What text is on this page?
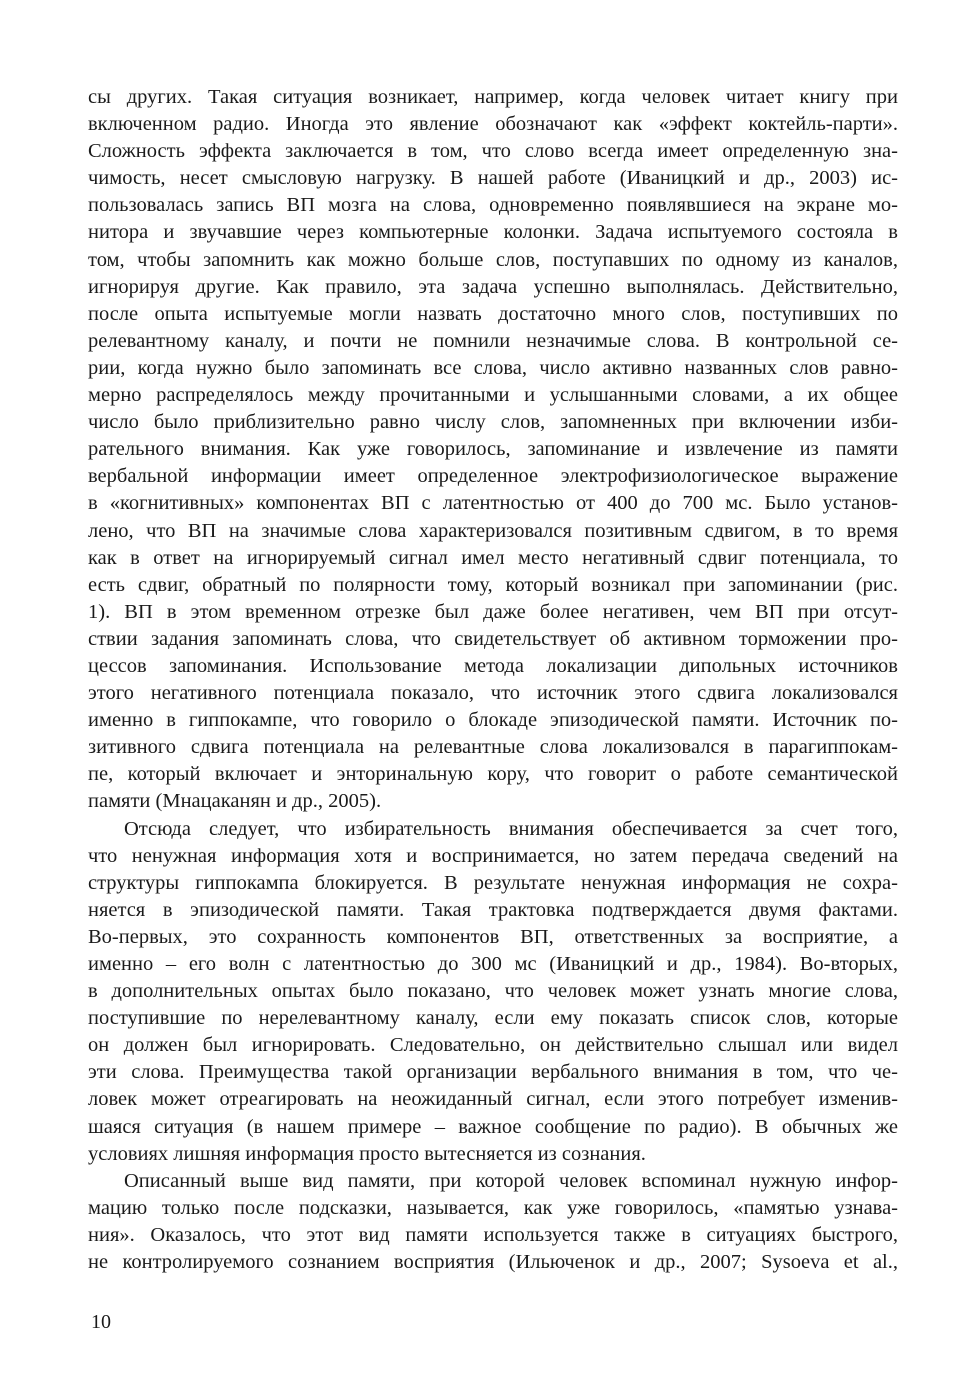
сы других. Такая ситуация возникает, например, когда человек читает книгу при
включенном радио. Иногда это явление обозначают как «эффект коктейль-парти».
Сложность эффекта заключается в том, что слово всегда имеет определенную зна-
чимость, несет смысловую нагрузку. В нашей работе (Иваницкий и др., 2003) ис-
пользовалась запись ВП мозга на слова, одновременно появлявшиеся на экране мо-
нитора и звучавшие через компьютерные колонки. Задача испытуемого состояла в
том, чтобы запомнить как можно больше слов, поступавших по одному из каналов,
игнорируя другие. Как правило, эта задача успешно выполнялась. Действительно,
после опыта испытуемые могли назвать достаточно много слов, поступивших по
релевантному каналу, и почти не помнили незначимые слова. В контрольной се-
рии, когда нужно было запоминать все слова, число активно названных слов равно-
мерно распределялось между прочитанными и услышанными словами, а их общее
число было приблизительно равно числу слов, запомненных при включении изби-
рательного внимания. Как уже говорилось, запоминание и извлечение из памяти
вербальной информации имеет определенное электрофизиологическое выражение
в «когнитивных» компонентах ВП с латентностью от 400 до 700 мс. Было установ-
лено, что ВП на значимые слова характеризовался позитивным сдвигом, в то время
как в ответ на игнорируемый сигнал имел место негативный сдвиг потенциала, то
есть сдвиг, обратный по полярности тому, который возникал при запоминании (рис.
1). ВП в этом временном отрезке был даже более негативен, чем ВП при отсут-
ствии задания запоминать слова, что свидетельствует об активном торможении про-
цессов запоминания. Использование метода локализации дипольных источников
этого негативного потенциала показало, что источник этого сдвига локализовался
именно в гиппокампе, что говорило о блокаде эпизодической памяти. Источник по-
зитивного сдвига потенциала на релевантные слова локализовался в парагиппокам-
пе, который включает и энторинальную кору, что говорит о работе семантической
памяти (Мнацаканян и др., 2005).
Отсюда следует, что избирательность внимания обеспечивается за счет того,
что ненужная информация хотя и воспринимается, но затем передача сведений на
структуры гиппокампа блокируется. В результате ненужная информация не сохра-
няется в эпизодической памяти. Такая трактовка подтверждается двумя фактами.
Во-первых, это сохранность компонентов ВП, ответственных за восприятие, а
именно – его волн с латентностью до 300 мс (Иваницкий и др., 1984). Во-вторых,
в дополнительных опытах было показано, что человек может узнать многие слова,
поступившие по нерелевантному каналу, если ему показать список слов, которые
он должен был игнорировать. Следовательно, он действительно слышал или видел
эти слова. Преимущества такой организации вербального внимания в том, что че-
ловек может отреагировать на неожиданный сигнал, если этого потребует изменив-
шаяся ситуация (в нашем примере – важное сообщение по радио). В обычных же
условиях лишняя информация просто вытесняется из сознания.
Описанный выше вид памяти, при которой человек вспоминал нужную инфор-
мацию только после подсказки, называется, как уже говорилось, «памятью узнава-
ния». Оказалось, что этот вид памяти используется также в ситуациях быстрого,
не контролируемого сознанием восприятия (Ильюченок и др., 2007; Sysoeva et al.,
10
